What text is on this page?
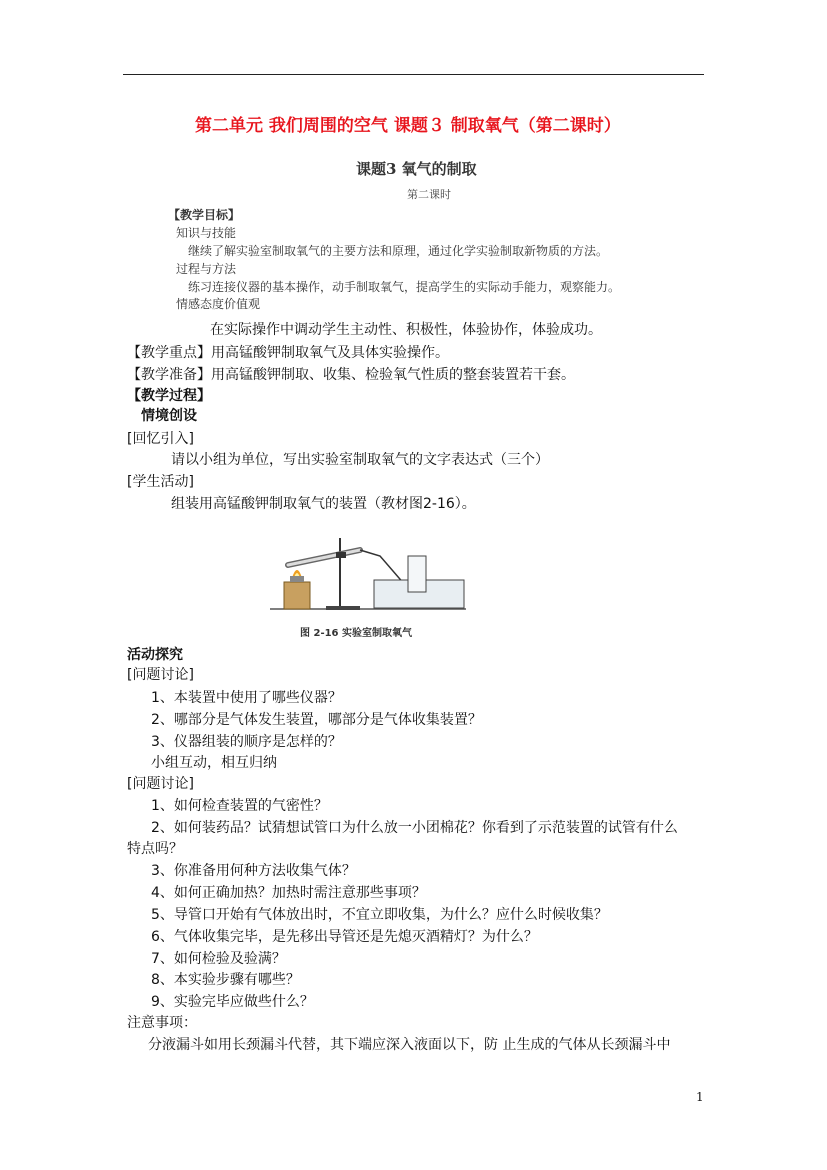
第二单元 我们周围的空气 课题３ 制取氧气（第二课时）
课题3 氧气的制取
第二课时
【教学目标】
知识与技能
继续了解实验室制取氧气的主要方法和原理，通过化学实验制取新物质的方法。
过程与方法
练习连接仪器的基本操作，动手制取氧气，提高学生的实际动手能力，观察能力。
情感态度价值观
在实际操作中调动学生主动性、积极性，体验协作，体验成功。
【教学重点】用高锰酸钾制取氧气及具体实验操作。
【教学准备】用高锰酸钾制取、收集、检验氧气性质的整套装置若干套。
【教学过程】
情境创设
[回忆引入]
请以小组为单位，写出实验室制取氧气的文字表达式（三个）
[学生活动]
组装用高锰酸钾制取氧气的装置（教材图2-16）。
图 2-16 实验室制取氧气
活动探究
[问题讨论]
1、本装置中使用了哪些仪器？
2、哪部分是气体发生装置，哪部分是气体收集装置？
3、仪器组装的顺序是怎样的？
小组互动，相互归纳
[问题讨论]
1、如何检查装置的气密性？
2、如何装药品？试猜想试管口为什么放一小团棉花？你看到了示范装置的试管有什么
特点吗？
3、你准备用何种方法收集气体？
4、如何正确加热？加热时需注意那些事项？
5、导管口开始有气体放出时，不宜立即收集，为什么？应什么时候收集？
6、气体收集完毕，是先移出导管还是先熄灭酒精灯？为什么？
7、如何检验及验满？
8、本实验步骤有哪些？
9、实验完毕应做些什么？
注意事项：
分液漏斗如用长颈漏斗代替，其下端应深入液面以下，防 止生成的气体从长颈漏斗中
1
